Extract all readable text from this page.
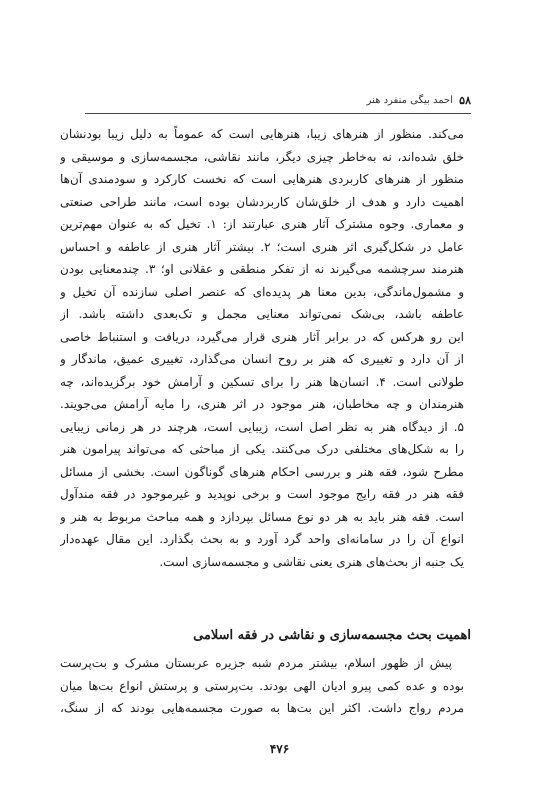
احمد بیگی منفرد هنر ۵۸
می‌کند. منظور از هنرهای زیبا، هنرهایی است که عموماً به دلیل زیبا بودنشان
خلق شده‌اند، نه به‌خاطر چیزی دیگر، مانند نقاشی، مجسمه‌سازی و موسیقی و
منظور از هنرهای کاربردی هنرهایی است که نخست کارکرد و سودمندی آن‌ها
اهمیت دارد و هدف از خلق‌شان کاربردشان بوده است، مانند طراحی صنعتی
و معماری. وجوه مشترک آثار هنری عبارتند از: ۱. تخیل که به عنوان مهم‌ترین
عامل در شکل‌گیری اثر هنری است؛ ۲. بیشتر آثار هنری از عاطفه و احساس
هنرمند سرچشمه می‌گیرند نه از تفکر منطقی و عقلانی او؛ ۳. چندمعنایی بودن
و مشمول‌ماندگی، بدین معنا هر پدیده‌ای که عنصر اصلی سازنده آن تخیل و
عاطفه باشد، بی‌شک نمی‌تواند معنایی مجمل و تک‌بعدی داشته باشد. از
این رو هرکس که در برابر آثار هنری قرار می‌گیرد، دریافت و استنباط خاصی
از آن دارد و تغییری که هنر بر روح انسان می‌گذارد، تغییری عمیق، ماندگار و
طولانی است. ۴. انسان‌ها هنر را برای تسکین و آرامش خود برگزیده‌اند، چه
هنرمندان و چه مخاطبان، هنر موجود در اثر هنری، را مایه آرامش می‌جویند.
۵. از دیدگاه هنر به نظر اصل است، زیبایی است، هرچند در هر زمانی زیبایی
را به شکل‌های مختلفی درک می‌کنند. یکی از مباحثی که می‌تواند پیرامون هنر
مطرح شود، فقه هنر و بررسی احکام هنرهای گوناگون است. بخشی از مسائل
فقه هنر در فقه رایج موجود است و برخی نوپدید و غیرموجود در فقه مندآول
است. فقه هنر باید به هر دو نوع مسائل بپردازد و همه مباحث مربوط به هنر و
انواع آن را در سامانه‌ای واحد گرد آورد و به بحث بگذارد. این مقال عهده‌دار
یک جنبه از بحث‌های هنری یعنی نقاشی و مجسمه‌سازی است.
اهمیت بحث مجسمه‌سازی و نقاشی در فقه اسلامی
پیش از ظهور اسلام، بیشتر مردم شبه جزیره عربستان مشرک و بت‌پرست
بوده و عده کمی پیرو ادیان الهی بودند. بت‌پرستی و پرستش انواع بت‌ها میان
مردم رواج داشت. اکثر این بت‌ها به صورت مجسمه‌هایی بودند که از سنگ،
۴۷۶
